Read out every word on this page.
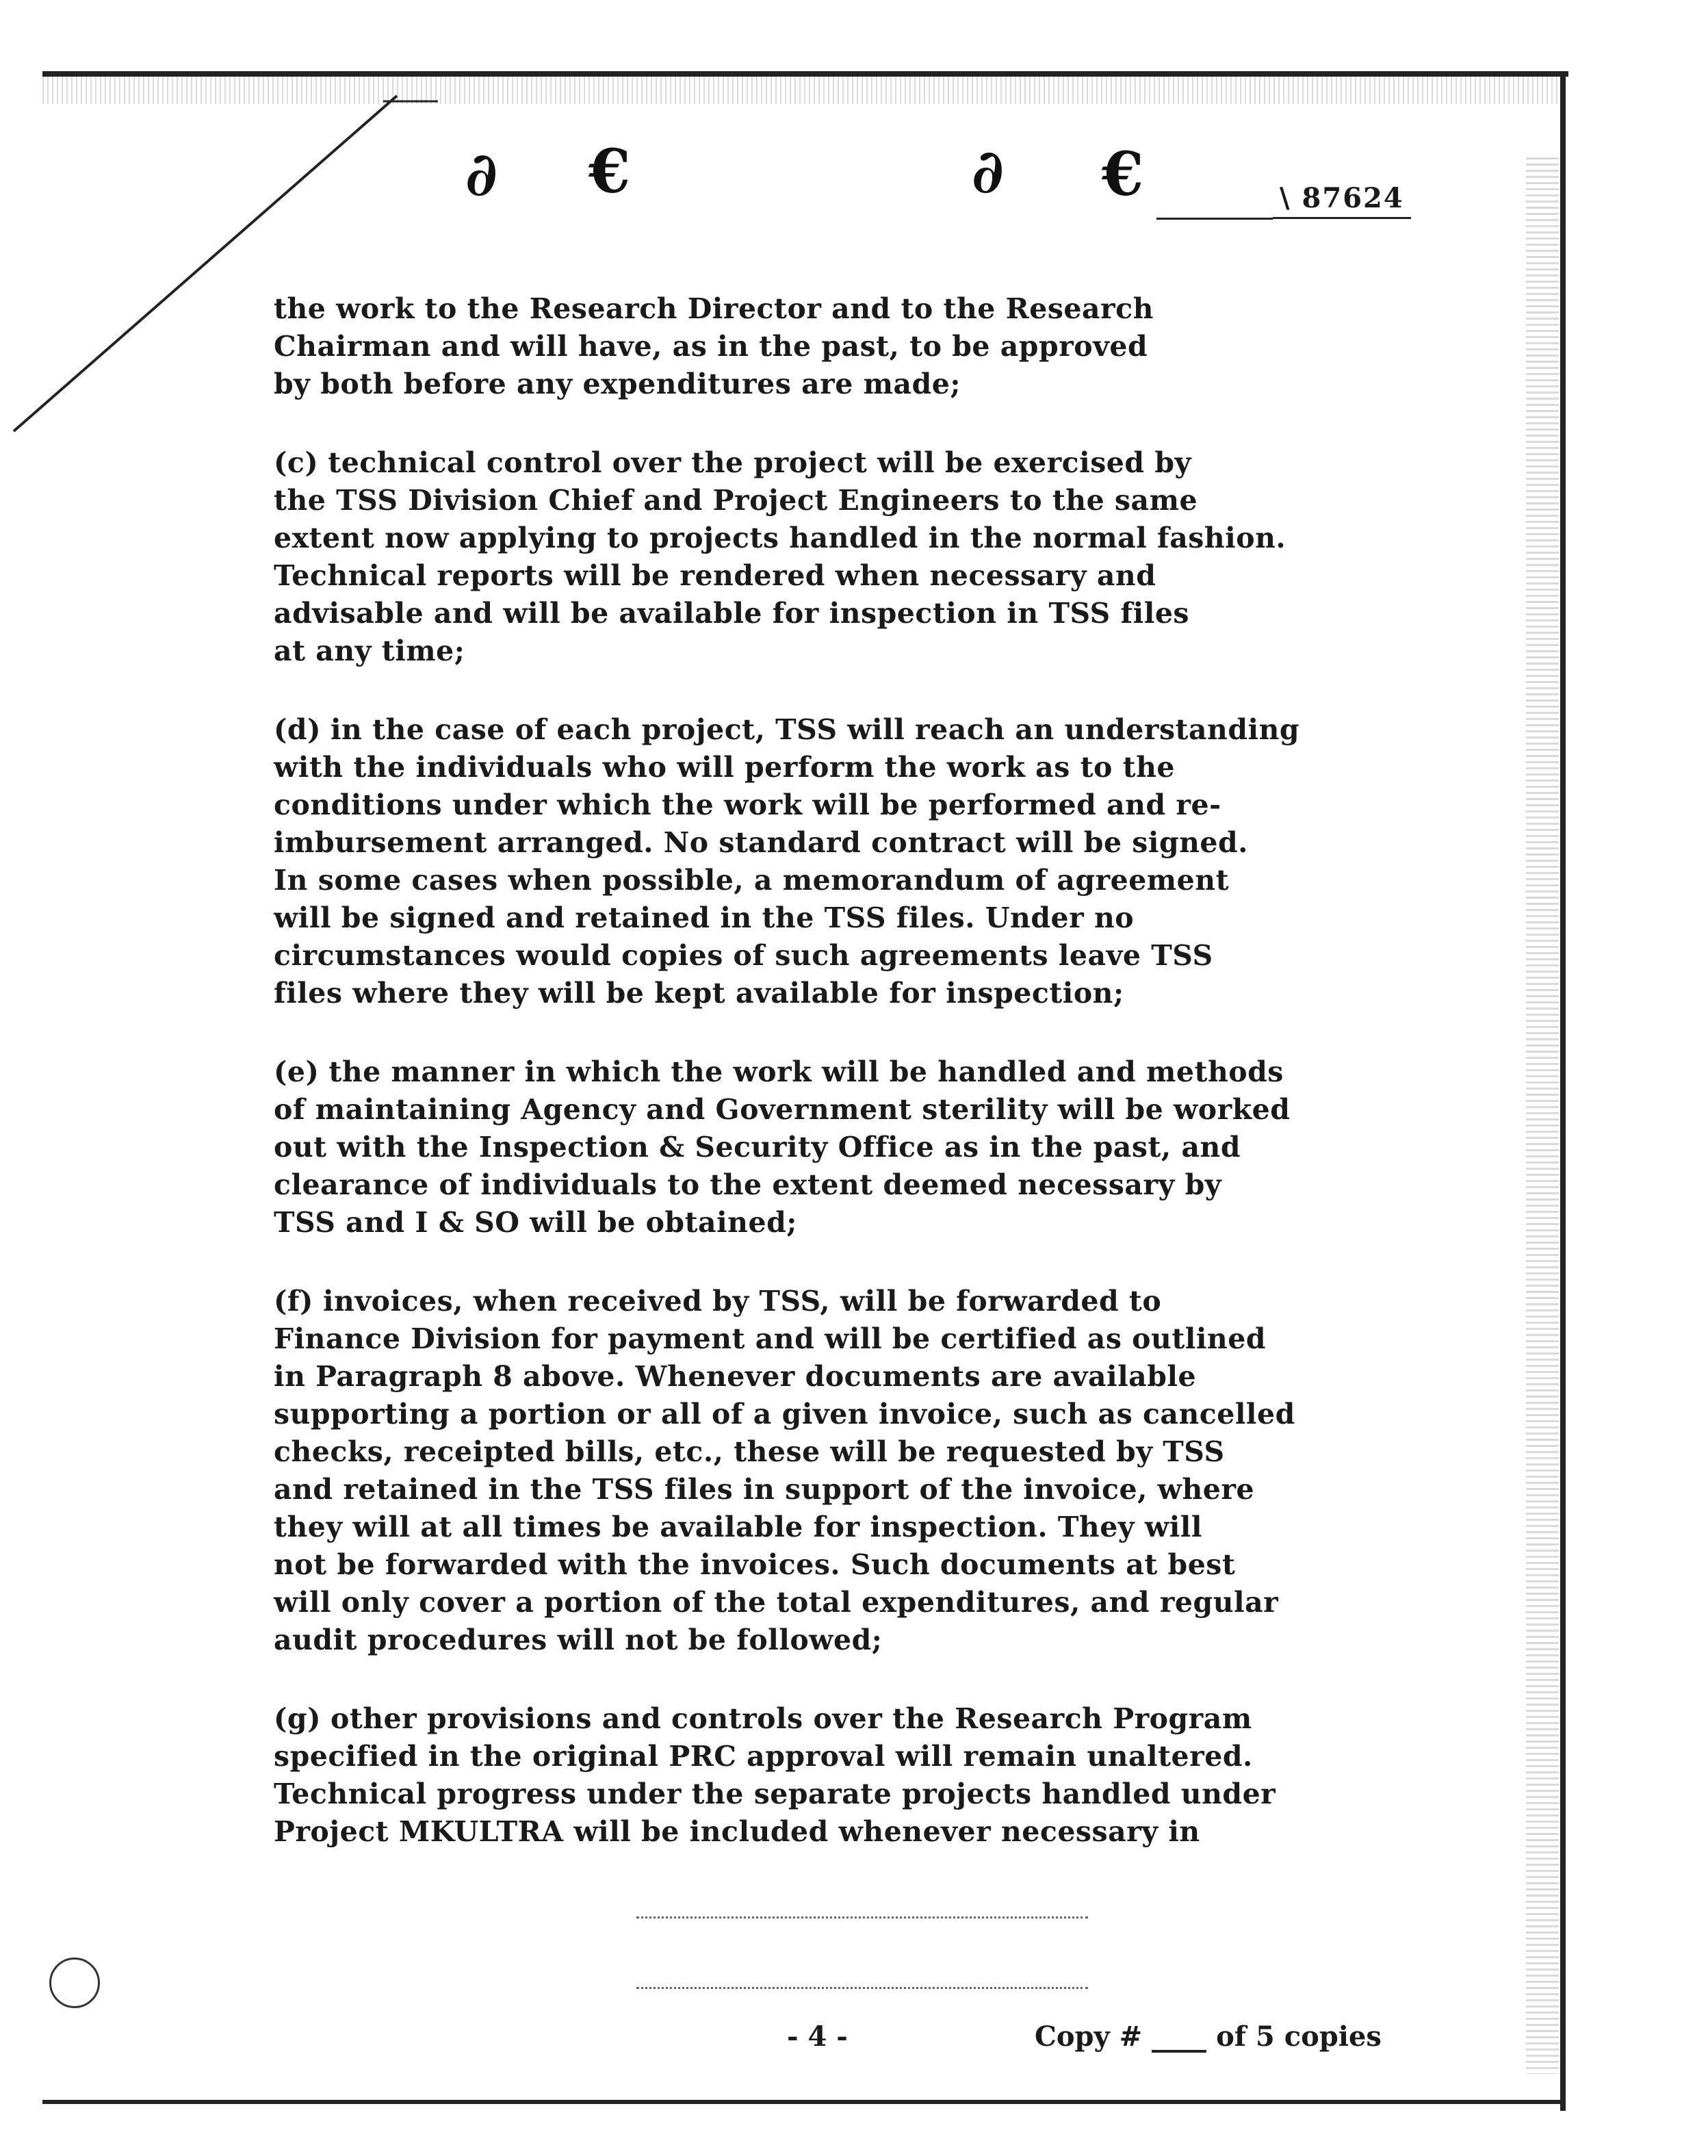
∂ €	∂ €	\ 87624

the work to the Research Director and to the Research

Chairman and will have, as in the past, to be approved

by both before any expenditures are made;

(c) technical control over the project will be exercised by

the TSS Division Chief and Project Engineers to the same

extent now applying to projects handled in the normal fashion.

Technical reports will be rendered when necessary and

advisable and will be available for inspection in TSS files

at any time;

(d) in the case of each project, TSS will reach an understanding

with the individuals who will perform the work as to the

conditions under which the work will be performed and re-

imbursement arranged. No standard contract will be signed.

In some cases when possible, a memorandum of agreement

will be signed and retained in the TSS files. Under no

circumstances would copies of such agreements leave TSS

files where they will be kept available for inspection;

(e) the manner in which the work will be handled and methods

of maintaining Agency and Government sterility will be worked

out with the Inspection & Security Office as in the past, and

clearance of individuals to the extent deemed necessary by

TSS and I & SO will be obtained;

(f) invoices, when received by TSS, will be forwarded to

Finance Division for payment and will be certified as outlined

in Paragraph 8 above. Whenever documents are available

supporting a portion or all of a given invoice, such as cancelled

checks, receipted bills, etc., these will be requested by TSS

and retained in the TSS files in support of the invoice, where

they will at all times be available for inspection. They will

not be forwarded with the invoices. Such documents at best

will only cover a portion of the total expenditures, and regular

audit procedures will not be followed;

(g) other provisions and controls over the Research Program

specified in the original PRC approval will remain unaltered.

Technical progress under the separate projects handled under

Project MKULTRA will be included whenever necessary in

- 4 -	Copy #	of 5 copies
